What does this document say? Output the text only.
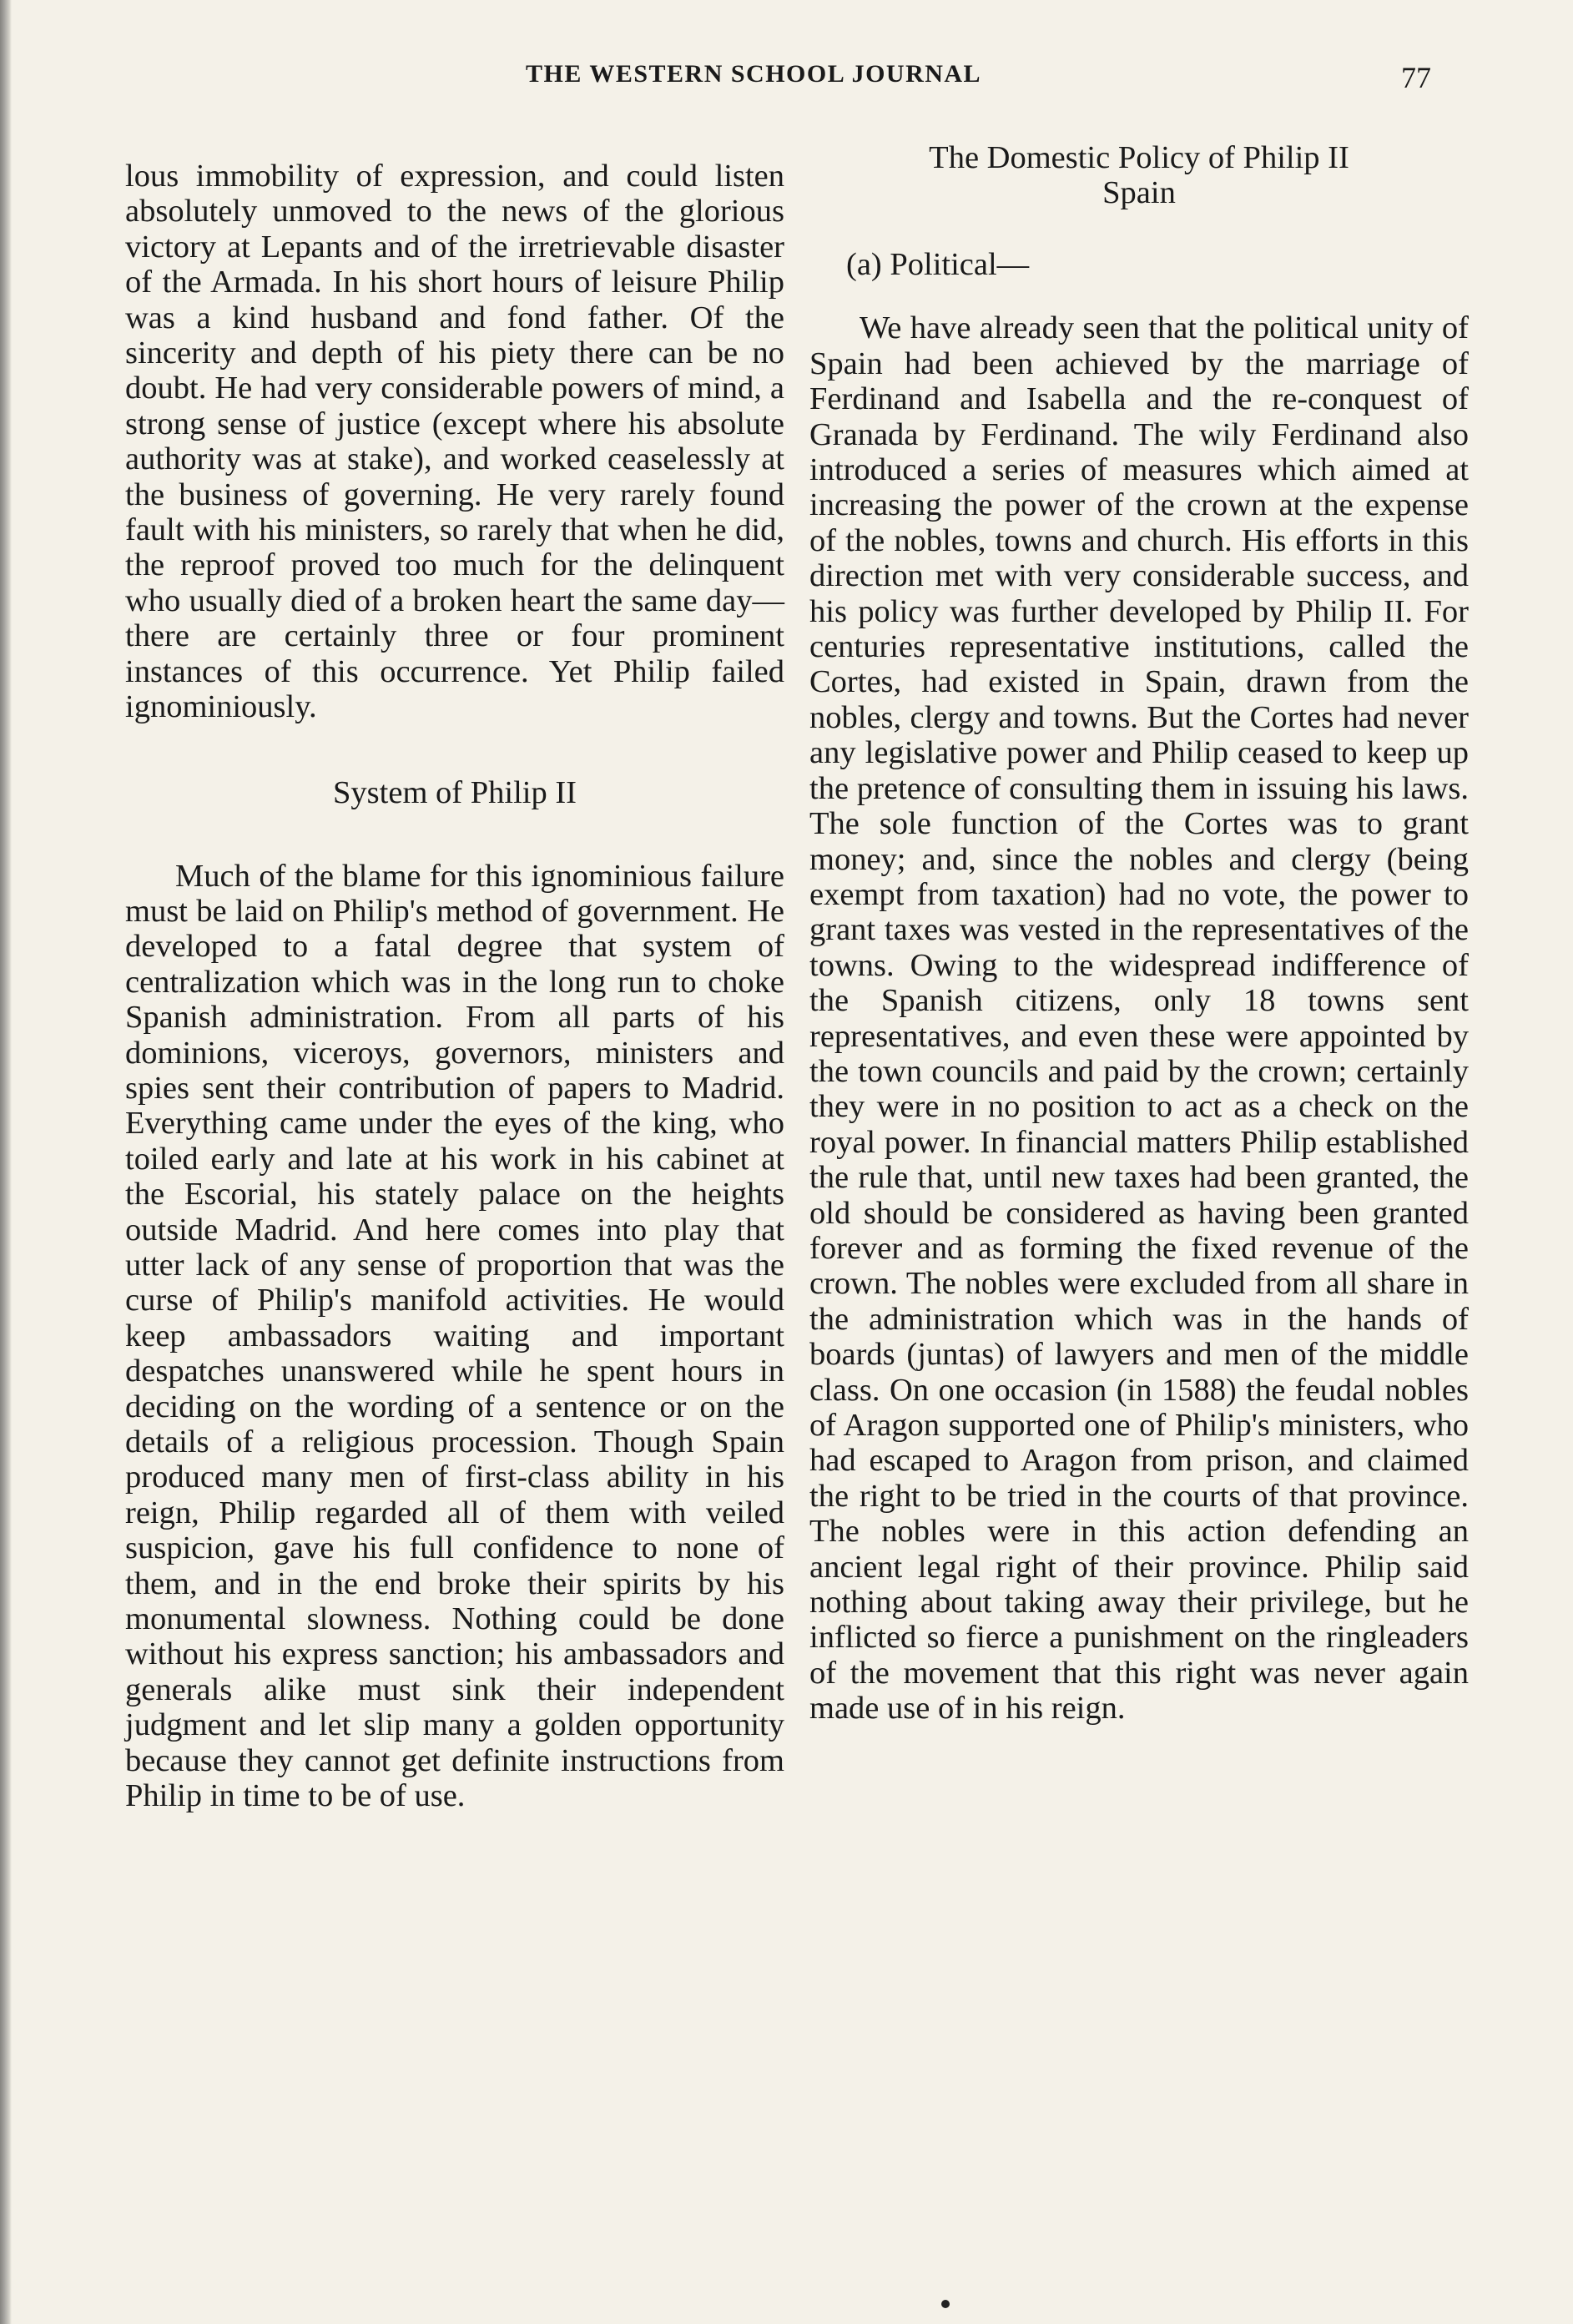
THE WESTERN SCHOOL JOURNAL	77

lous immobility of expression, and could listen absolutely unmoved to the news of the glorious victory at Lepants and of the irretrievable disaster of the Armada. In his short hours of leisure Philip was a kind husband and fond father. Of the sincerity and depth of his piety there can be no doubt. He had very considerable powers of mind, a strong sense of justice (except where his absolute authority was at stake), and worked ceaselessly at the business of governing. He very rarely found fault with his ministers, so rarely that when he did, the reproof proved too much for the delinquent who usually died of a broken heart the same day—there are certainly three or four prominent instances of this occurrence. Yet Philip failed ignominiously.

System of Philip II

Much of the blame for this ignominious failure must be laid on Philip's method of government. He developed to a fatal degree that system of centralization which was in the long run to choke Spanish administration. From all parts of his dominions, viceroys, governors, ministers and spies sent their contribution of papers to Madrid. Everything came under the eyes of the king, who toiled early and late at his work in his cabinet at the Escorial, his stately palace on the heights outside Madrid. And here comes into play that utter lack of any sense of proportion that was the curse of Philip's manifold activities. He would keep ambassadors waiting and important despatches unanswered while he spent hours in deciding on the wording of a sentence or on the details of a religious procession. Though Spain produced many men of first-class ability in his reign, Philip regarded all of them with veiled suspicion, gave his full confidence to none of them, and in the end broke their spirits by his monumental slowness. Nothing could be done without his express sanction; his ambassadors and generals alike must sink their independent judgment and let slip many a golden opportunity because they cannot get definite instructions from Philip in time to be of use.

The Domestic Policy of Philip II
Spain
(a) Political—

We have already seen that the political unity of Spain had been achieved by the marriage of Ferdinand and Isabella and the re-conquest of Granada by Ferdinand. The wily Ferdinand also introduced a series of measures which aimed at increasing the power of the crown at the expense of the nobles, towns and church. His efforts in this direction met with very considerable success, and his policy was further developed by Philip II. For centuries representative institutions, called the Cortes, had existed in Spain, drawn from the nobles, clergy and towns. But the Cortes had never any legislative power and Philip ceased to keep up the pretence of consulting them in issuing his laws. The sole function of the Cortes was to grant money; and, since the nobles and clergy (being exempt from taxation) had no vote, the power to grant taxes was vested in the representatives of the towns. Owing to the widespread indifference of the Spanish citizens, only 18 towns sent representatives, and even these were appointed by the town councils and paid by the crown; certainly they were in no position to act as a check on the royal power. In financial matters Philip established the rule that, until new taxes had been granted, the old should be considered as having been granted forever and as forming the fixed revenue of the crown. The nobles were excluded from all share in the administration which was in the hands of boards (juntas) of lawyers and men of the middle class. On one occasion (in 1588) the feudal nobles of Aragon supported one of Philip's ministers, who had escaped to Aragon from prison, and claimed the right to be tried in the courts of that province. The nobles were in this action defending an ancient legal right of their province. Philip said nothing about taking away their privilege, but he inflicted so fierce a punishment on the ringleaders of the movement that this right was never again made use of in his reign.
